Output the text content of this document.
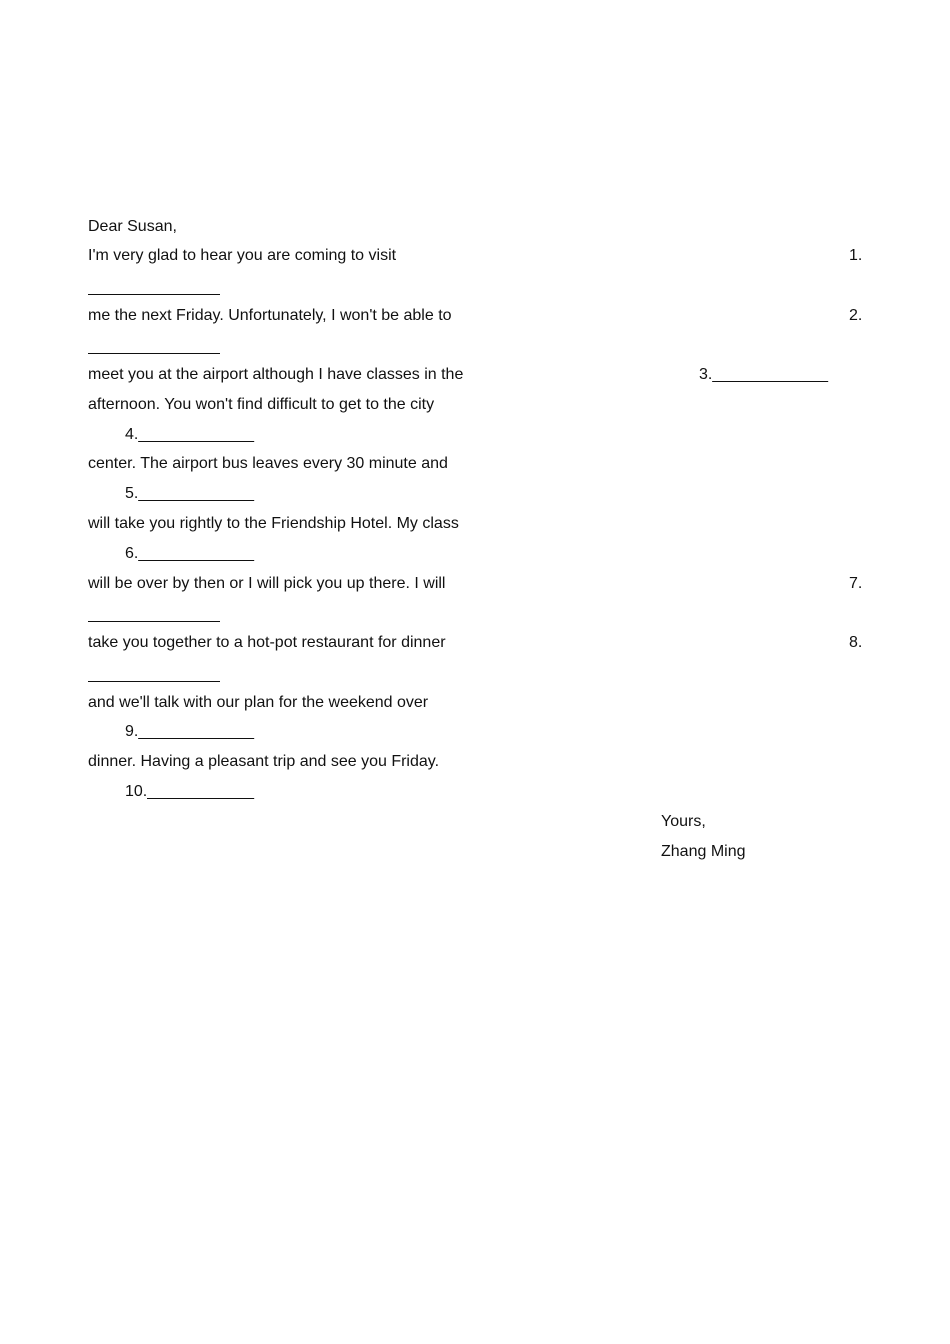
Dear Susan,
I'm very glad to hear you are coming to visit	1.
me the next Friday. Unfortunately, I won't be able to	2.
meet you at the airport although I have classes in the	3._____________
afternoon. You won't find difficult to get to the city
4._____________
center. The airport bus leaves every 30 minute and
5._____________
will take you rightly to the Friendship Hotel. My class
6._____________
will be over by then or I will pick you up there. I will	7.
take you together to a hot-pot restaurant for dinner	8.
and we'll talk with our plan for the weekend over
9._____________
dinner. Having a pleasant trip and see you Friday.
10.____________
Yours,
Zhang Ming
